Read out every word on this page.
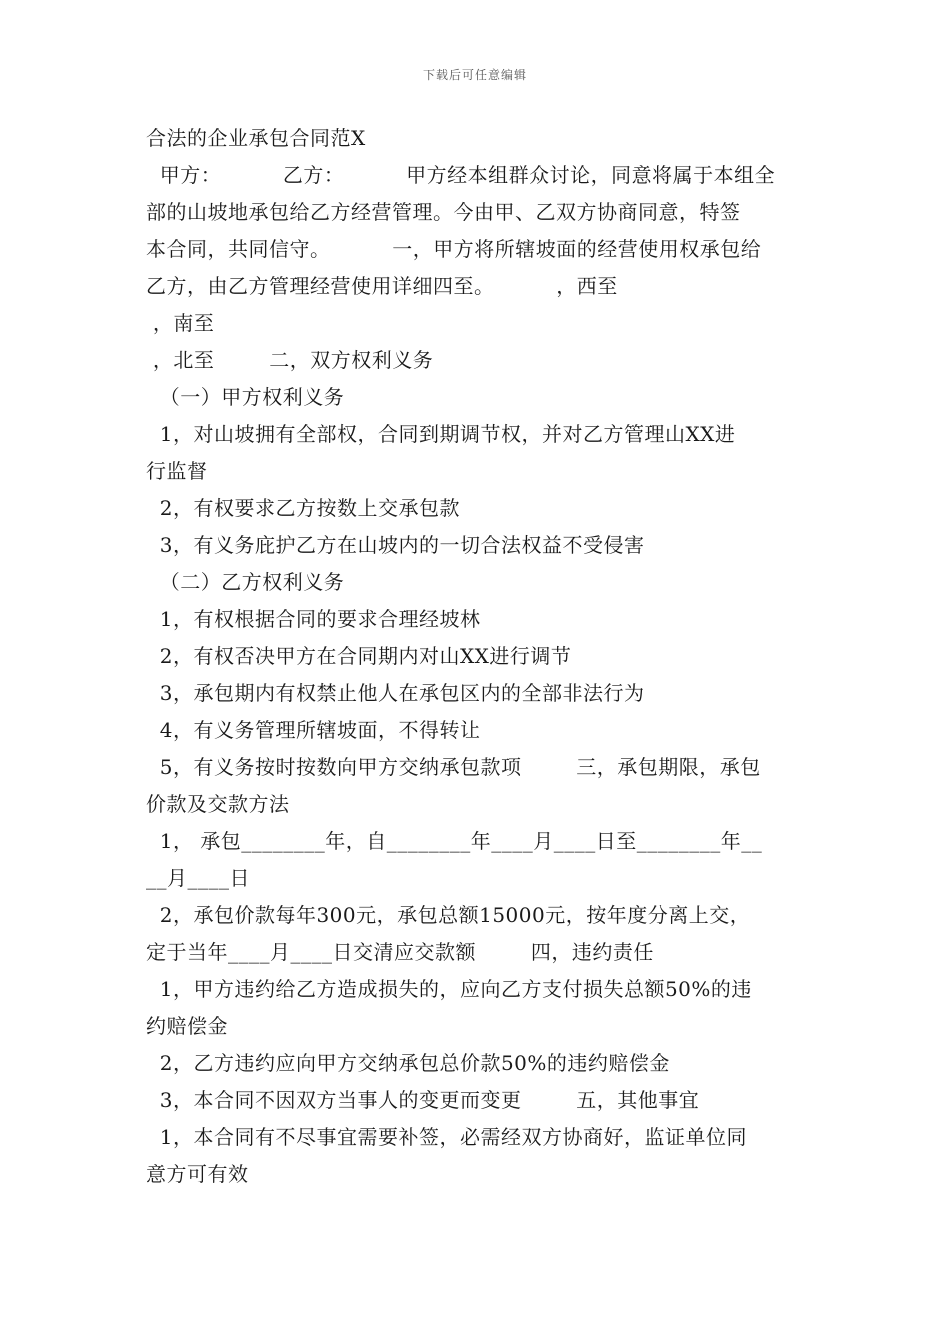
下载后可任意编辑
合法的企业承包合同范X
甲方：         乙方：         甲方经本组群众讨论，同意将属于本组全
部的山坡地承包给乙方经营管理。今由甲、乙双方协商同意，特签
本合同，共同信守。         一，甲方将所辖坡面的经营使用权承包给
乙方，由乙方管理经营使用详细四至。         ，西至
，南至
，北至        二，双方权利义务
（一）甲方权利义务
1，对山坡拥有全部权，合同到期调节权，并对乙方管理山XX进
行监督
2，有权要求乙方按数上交承包款
3，有义务庇护乙方在山坡内的一切合法权益不受侵害
（二）乙方权利义务
1，有权根据合同的要求合理经坡林
2，有权否决甲方在合同期内对山XX进行调节
3，承包期内有权禁止他人在承包区内的全部非法行为
4，有义务管理所辖坡面，不得转让
5，有义务按时按数向甲方交纳承包款项        三，承包期限，承包
价款及交款方法
1， 承包________年，自________年____月____日至________年__
__月____日
2，承包价款每年300元，承包总额15000元，按年度分离上交，
定于当年____月____日交清应交款额        四，违约责任
1，甲方违约给乙方造成损失的，应向乙方支付损失总额50%的违
约赔偿金
2，乙方违约应向甲方交纳承包总价款50%的违约赔偿金
3，本合同不因双方当事人的变更而变更        五，其他事宜
1，本合同有不尽事宜需要补签，必需经双方协商好，监证单位同
意方可有效
